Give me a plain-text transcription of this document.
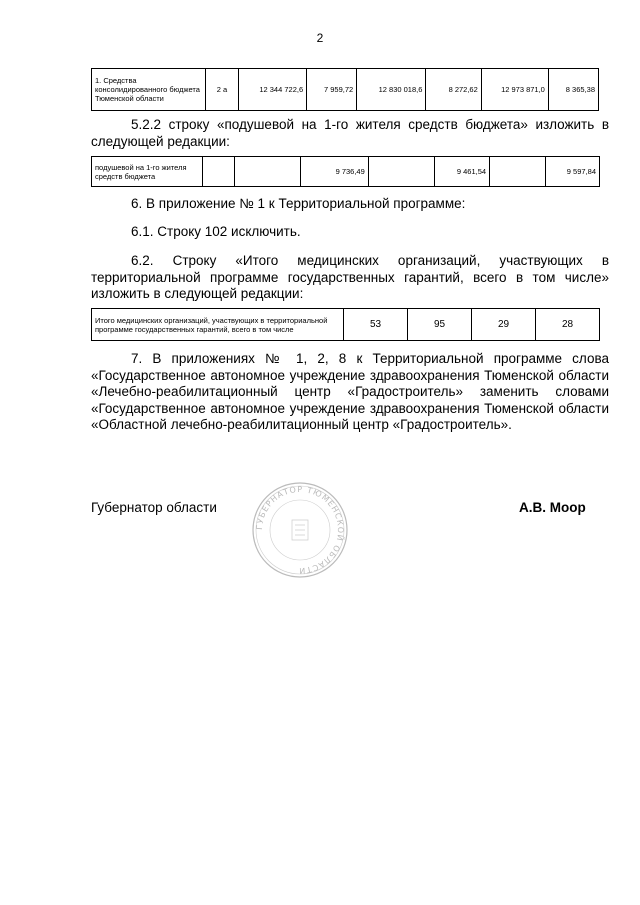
2
1. Средства консолидированного бюджета Тюменской области	2 а	12 344 722,6	7 959,72	12 830 018,6	8 272,62	12 973 871,0	8 365,38
5.2.2 строку «подушевой на 1-го жителя средств бюджета» изложить в следующей редакции:
подушевой на 1-го жителя средств бюджета			9 736,49		9 461,54		9 597,84
6. В приложение № 1 к Территориальной программе:
6.1. Строку 102 исключить.
6.2. Строку «Итого медицинских организаций, участвующих в территориальной программе государственных гарантий, всего в том числе» изложить в следующей редакции:
Итого медицинских организаций, участвующих в территориальной программе государственных гарантий, всего в том числе	53	95	29	28
7. В приложениях № 1, 2, 8 к Территориальной программе слова «Государственное автономное учреждение здравоохранения Тюменской области «Лечебно-реабилитационный центр «Градостроитель» заменить словами «Государственное автономное учреждение здравоохранения Тюменской области «Областной лечебно-реабилитационный центр «Градостроитель».
Губернатор области
ГУБЕРНАТОР ТЮМЕНСКОЙ ОБЛАСТИ
А.В. Моор
